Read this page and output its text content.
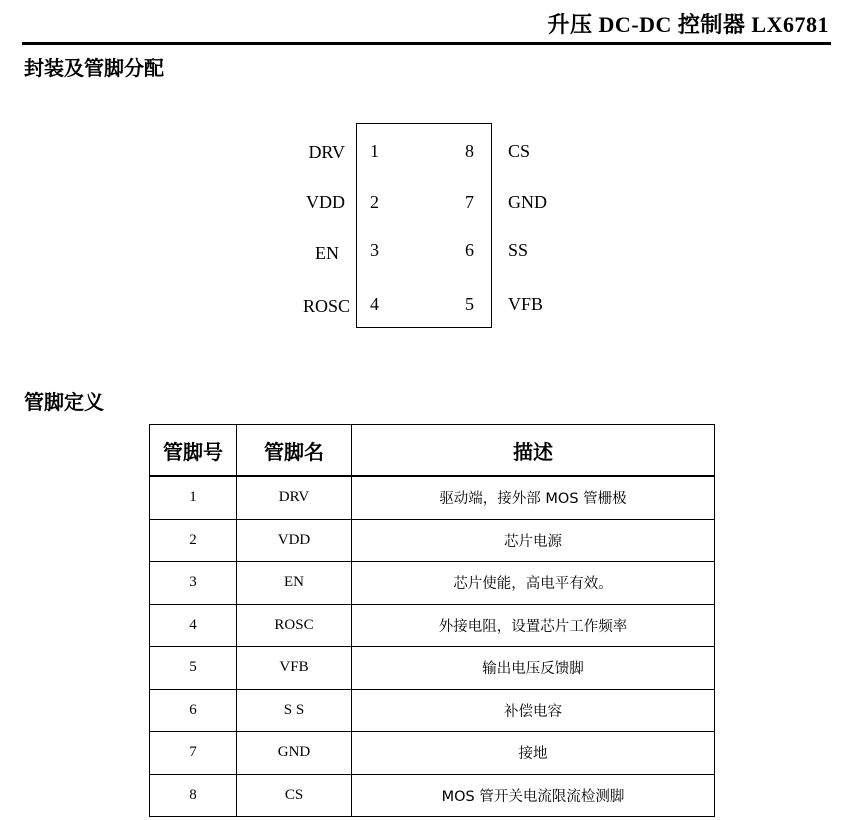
升压 DC-DC 控制器 LX6781
封装及管脚分配
DRV 1
VDD 2
EN 3
ROSC 4
8 CS
7 GND
6 SS
5 VFB
管脚定义
管脚号	管脚名	描述
1	DRV	驱动端，接外部 MOS 管栅极
2	VDD	芯片电源
3	EN	芯片使能，高电平有效。
4	ROSC	外接电阻，设置芯片工作频率
5	VFB	输出电压反馈脚
6	S S	补偿电容
7	GND	接地
8	CS	MOS 管开关电流限流检测脚
